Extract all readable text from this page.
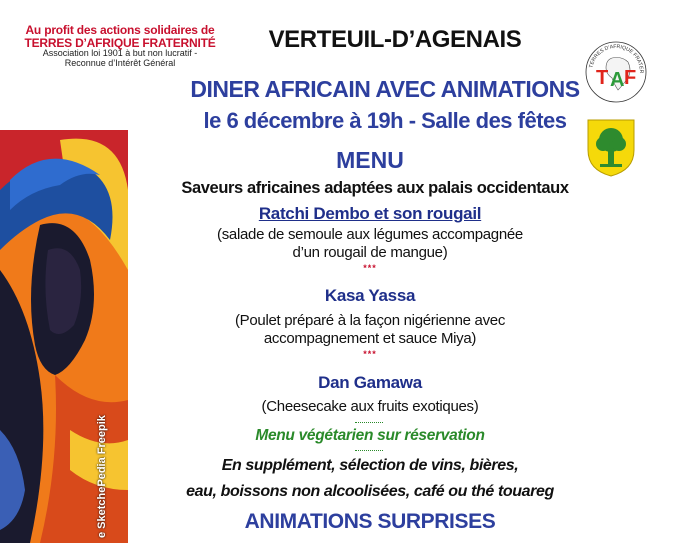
Au profit des actions solidaires de
TERRES D’AFRIQUE FRATERNITÉ
Association loi 1901 à but non lucratif -
Reconnue d’Intérêt Général
VERTEUIL-D’AGENAIS
TERRES D'AFRIQUE FRATER
T A F
DINER AFRICAIN AVEC ANIMATIONS
le 6 décembre à 19h - Salle des fêtes
MENU
Saveurs africaines adaptées aux palais occidentaux
Ratchi Dembo et son rougail
(salade de semoule aux légumes accompagnée
d’un rougail de mangue)
***
Kasa Yassa
(Poulet préparé à la façon nigérienne avec
accompagnement et sauce Miya)
***
Dan Gamawa
(Cheesecake aux fruits exotiques)
Menu végétarien sur réservation
En supplément, sélection de vins, bières,
eau, boissons non alcoolisées, café ou thé touareg
ANIMATIONS SURPRISES
